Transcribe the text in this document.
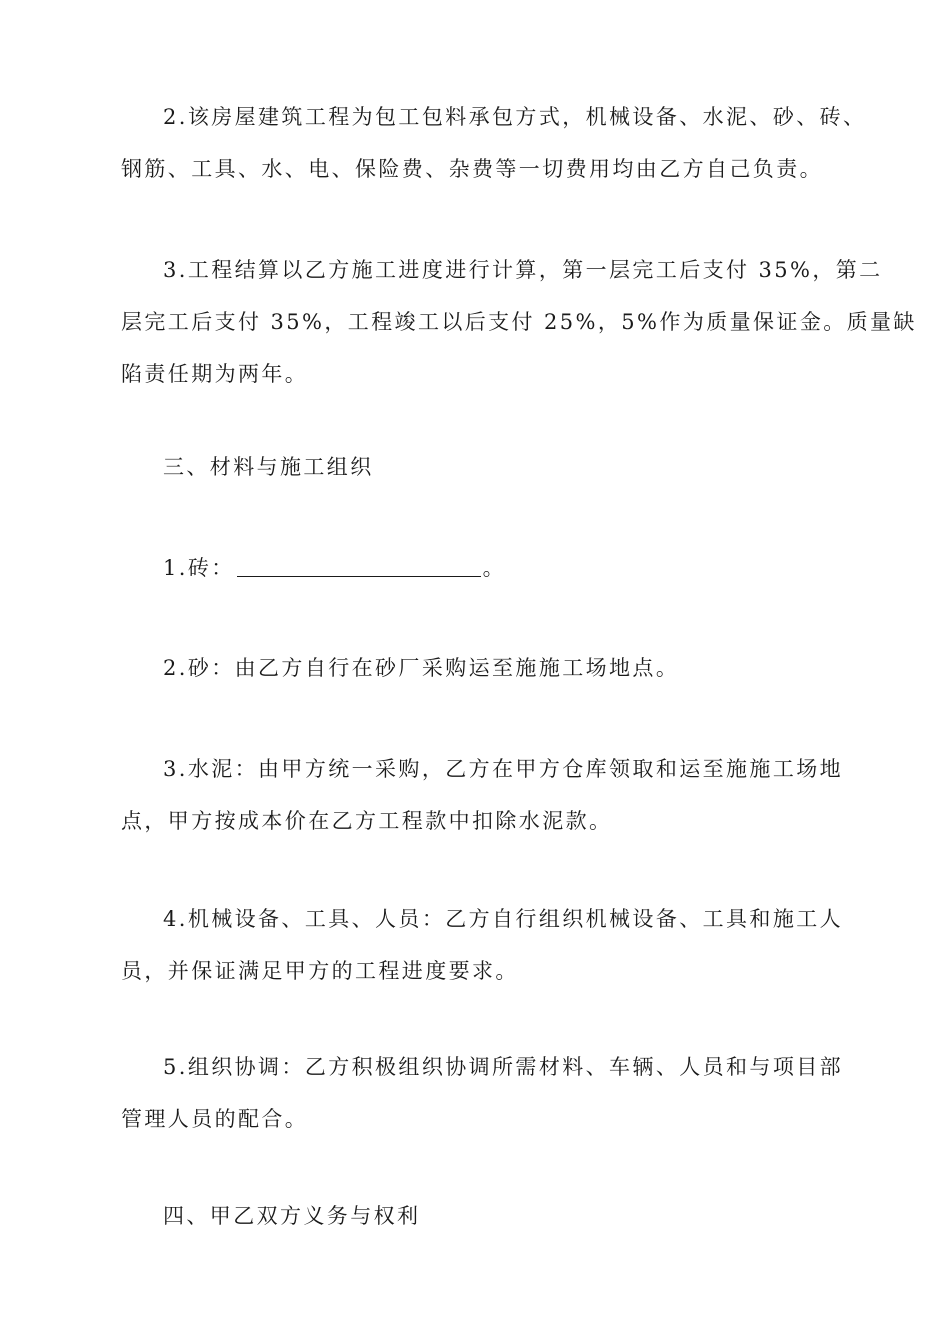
2.该房屋建筑工程为包工包料承包方式，机械设备、水泥、砂、砖、
钢筋、工具、水、电、保险费、杂费等一切费用均由乙方自己负责。
3.工程结算以乙方施工进度进行计算，第一层完工后支付 35%，第二
层完工后支付 35%，工程竣工以后支付 25%，5%作为质量保证金。质量缺
陷责任期为两年。
三、材料与施工组织
1.砖：	。
2.砂：由乙方自行在砂厂采购运至施施工场地点。
3.水泥：由甲方统一采购，乙方在甲方仓库领取和运至施施工场地
点，甲方按成本价在乙方工程款中扣除水泥款。
4.机械设备、工具、人员：乙方自行组织机械设备、工具和施工人
员，并保证满足甲方的工程进度要求。
5.组织协调：乙方积极组织协调所需材料、车辆、人员和与项目部
管理人员的配合。
四、甲乙双方义务与权利
